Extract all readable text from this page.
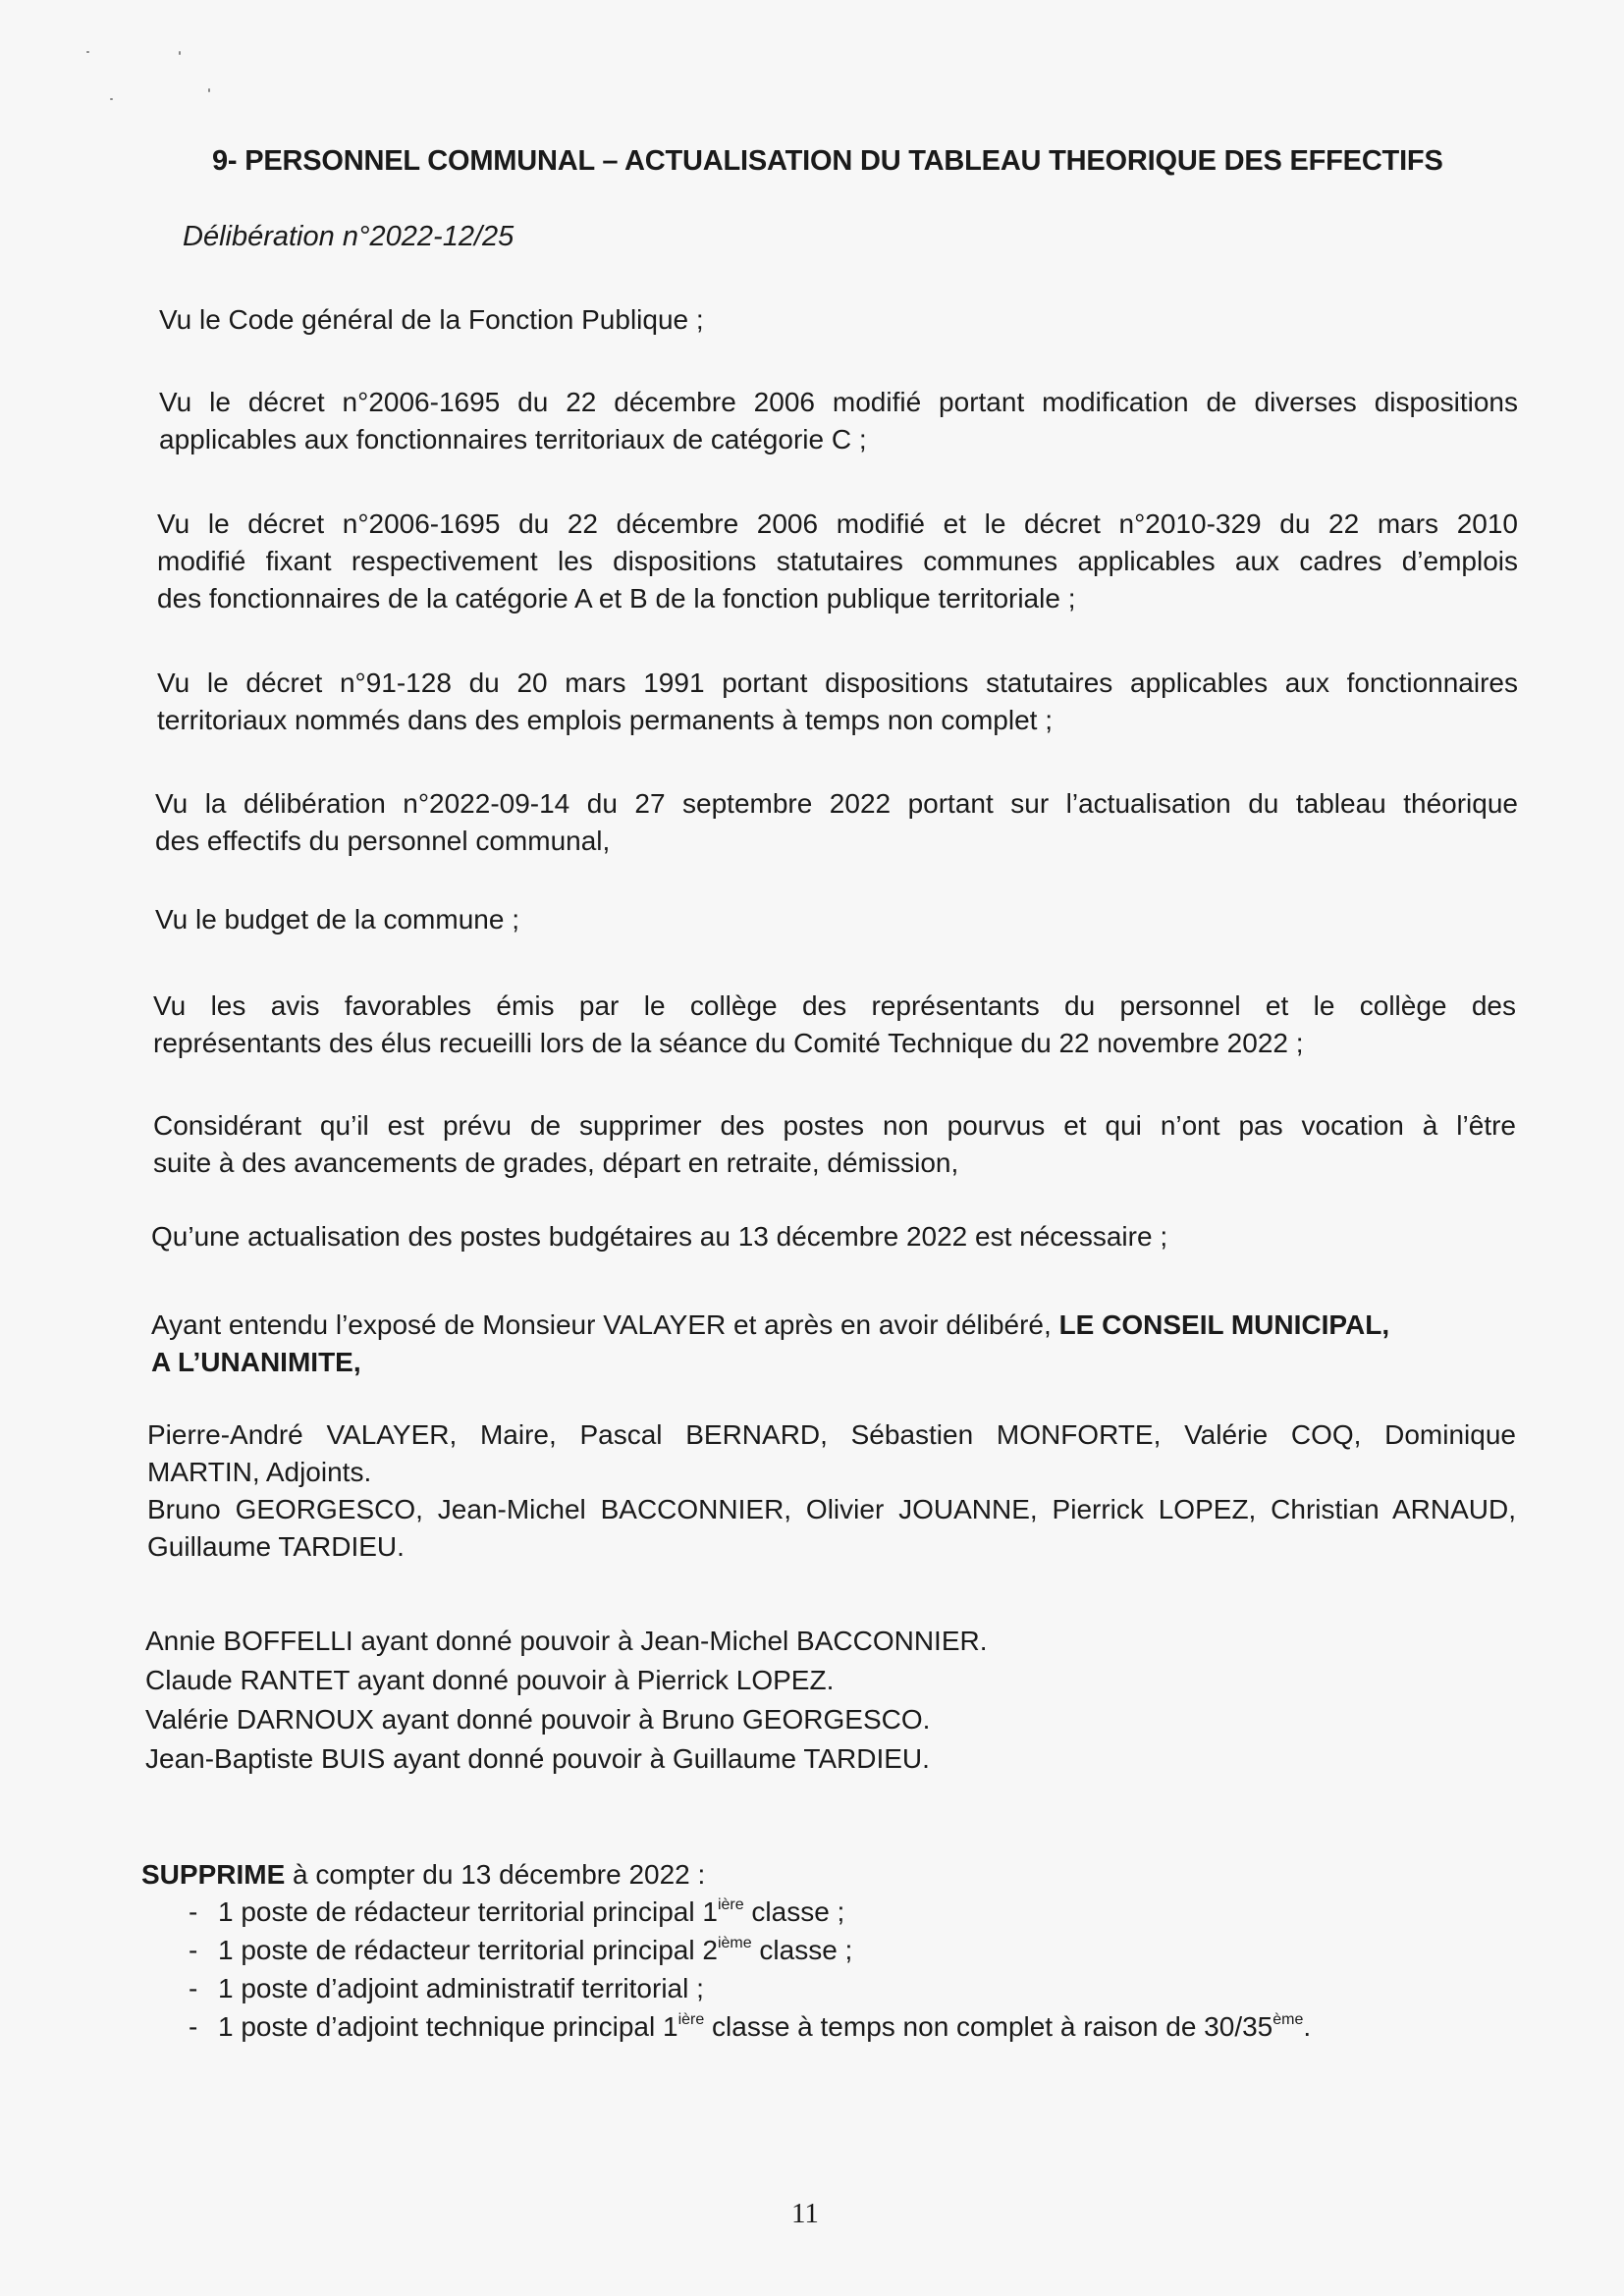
9- PERSONNEL COMMUNAL – ACTUALISATION DU TABLEAU THEORIQUE DES EFFECTIFS

Délibération n°2022-12/25

Vu le Code général de la Fonction Publique ;

Vu le décret n°2006-1695 du 22 décembre 2006 modifié portant modification de diverses dispositions
applicables aux fonctionnaires territoriaux de catégorie C ;

Vu le décret n°2006-1695 du 22 décembre 2006 modifié et le décret n°2010-329 du 22 mars 2010
modifié fixant respectivement les dispositions statutaires communes applicables aux cadres d’emplois
des fonctionnaires de la catégorie A et B de la fonction publique territoriale ;

Vu le décret n°91-128 du 20 mars 1991 portant dispositions statutaires applicables aux fonctionnaires
territoriaux nommés dans des emplois permanents à temps non complet ;

Vu la délibération n°2022-09-14 du 27 septembre 2022 portant sur l’actualisation du tableau théorique
des effectifs du personnel communal,

Vu le budget de la commune ;

Vu les avis favorables émis par le collège des représentants du personnel et le collège des
représentants des élus recueilli lors de la séance du Comité Technique du 22 novembre 2022 ;

Considérant qu’il est prévu de supprimer des postes non pourvus et qui n’ont pas vocation à l’être
suite à des avancements de grades, départ en retraite, démission,

Qu’une actualisation des postes budgétaires au 13 décembre 2022 est nécessaire ;

Ayant entendu l’exposé de Monsieur VALAYER et après en avoir délibéré, LE CONSEIL MUNICIPAL,
A L’UNANIMITE,

Pierre-André VALAYER, Maire, Pascal BERNARD, Sébastien MONFORTE, Valérie COQ, Dominique
MARTIN, Adjoints.
Bruno GEORGESCO, Jean-Michel BACCONNIER, Olivier JOUANNE, Pierrick LOPEZ, Christian ARNAUD,
Guillaume TARDIEU.

Annie BOFFELLI ayant donné pouvoir à Jean-Michel BACCONNIER.
Claude RANTET ayant donné pouvoir à Pierrick LOPEZ.
Valérie DARNOUX ayant donné pouvoir à Bruno GEORGESCO.
Jean-Baptiste BUIS ayant donné pouvoir à Guillaume TARDIEU.

SUPPRIME à compter du 13 décembre 2022 :

- 1 poste de rédacteur territorial principal $1^{ière}$ classe ;
- 1 poste de rédacteur territorial principal 2ième classe ;
- 1 poste d’adjoint administratif territorial ;
- 1 poste d’adjoint technique principal $1^{ière}$ classe à temps non complet à raison de 30/35ème.

11
